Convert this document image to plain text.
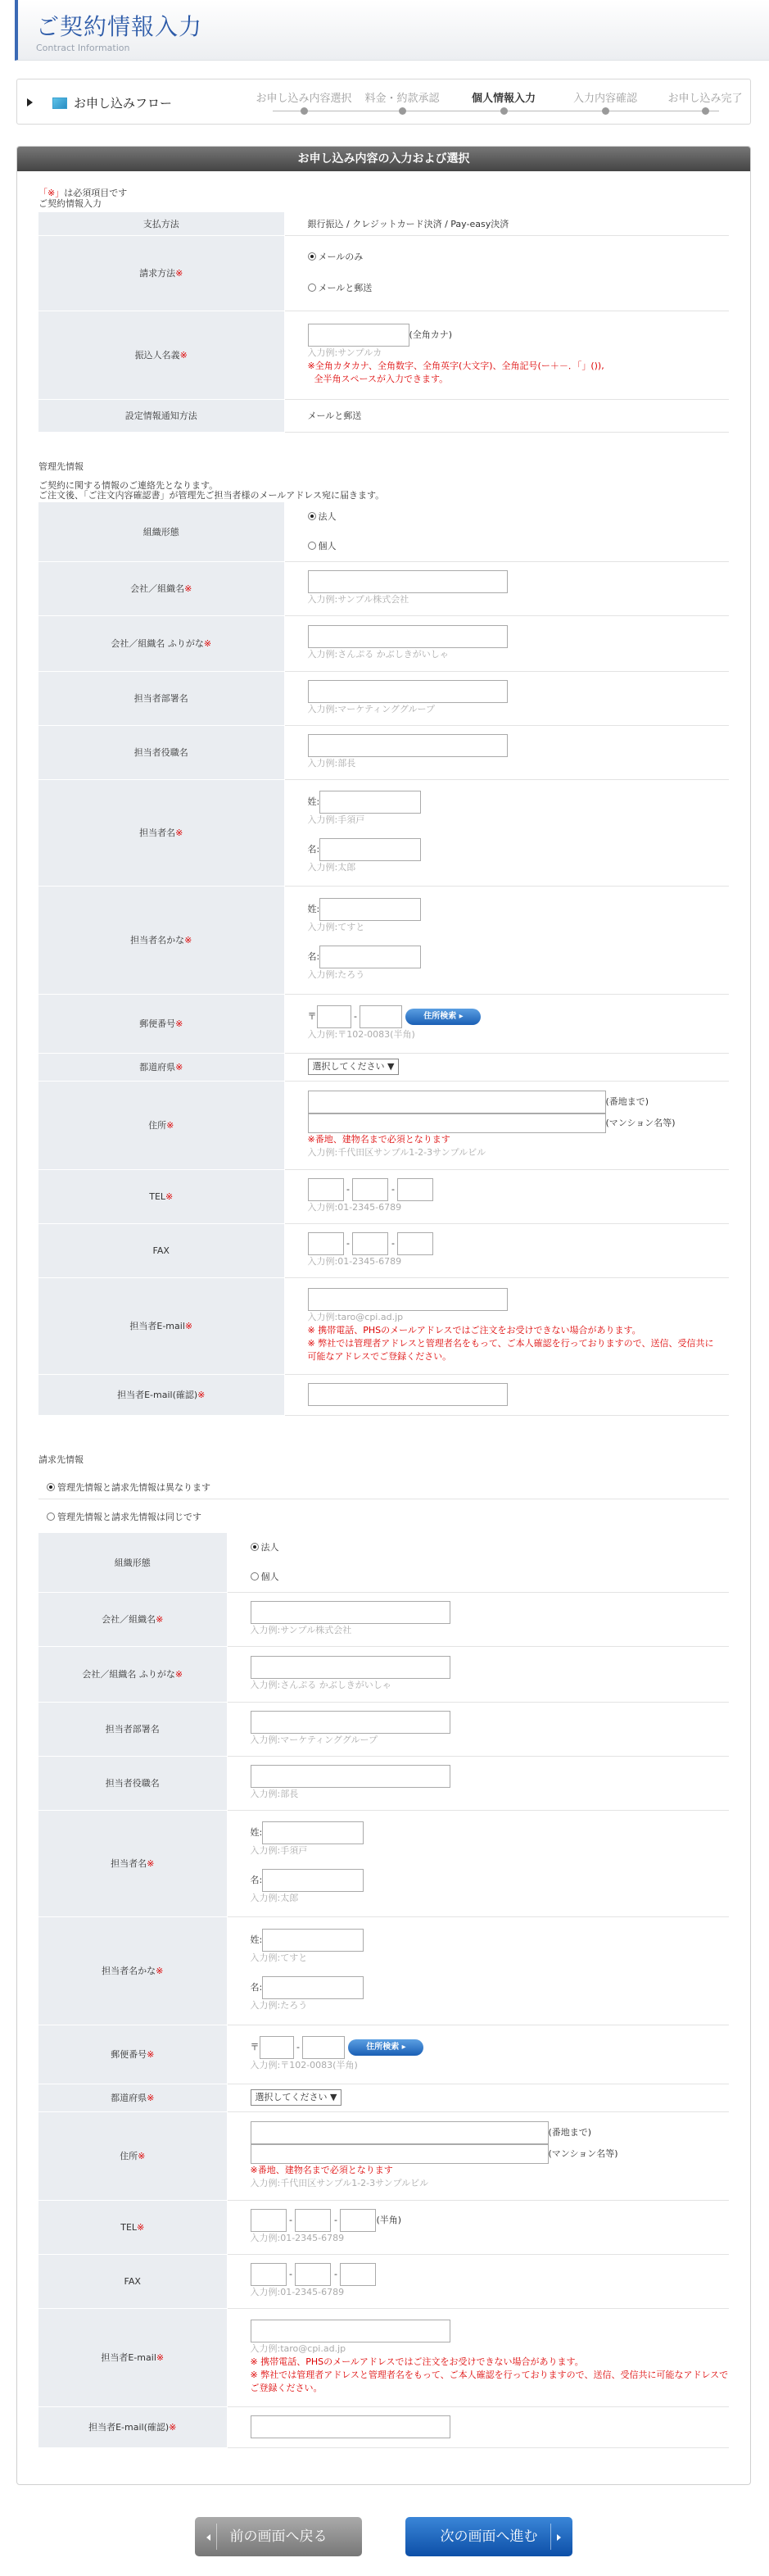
ご契約情報入力
Contract Information
お申し込みフロー	お申し込み内容選択	料金・約款承認	個人情報入力	入力内容確認	お申し込み完了
お申し込み内容の入力および選択
「※」は必須項目です
ご契約情報入力
支払方法	銀行振込 / クレジットカード決済 / Pay-easy決済
請求方法※	メールのみ
メールと郵送

振込人名義※	(全角カナ)
入力例:サンプルカ
※全角カタカナ、全角数字、全角英字(大文字)、全角記号(ー＋－．「」()),
全半角スペースが入力できます。

設定情報通知方法	メールと郵送
管理先情報
ご契約に関する情報のご連絡先となります。
ご注文後、「ご注文内容確認書」が管理先ご担当者様のメールアドレス宛に届きます。
組織形態	法人
個人

会社／組織名※	入力例:サンプル株式会社

会社／組織名 ふりがな※	入力例:さんぷる かぶしきがいしゃ

担当者部署名	入力例:マーケティンググループ

担当者役職名	入力例:部長

担当者名※	姓:
入力例:手須戸
名:
入力例:太郎

担当者名かな※	姓:
入力例:てすと
名:
入力例:たろう

郵便番号※	〒 - 住所検索 ▸
入力例:〒102-0083(半角)

都道府県※	選択してください ▼
住所※	(番地まで)
(マンション名等)
※番地、建物名まで必須となります
入力例:千代田区サンプル1-2-3サンプルビル

TEL※	- -
入力例:01-2345-6789

FAX	- -
入力例:01-2345-6789

担当者E-mail※	入力例:taro@cpi.ad.jp
※ 携帯電話、PHSのメールアドレスではご注文をお受けできない場合があります。
※ 弊社では管理者アドレスと管理者名をもって、ご本人確認を行っておりますので、送信、受信共に
可能なアドレスでご登録ください。

担当者E-mail(確認)※	
請求先情報
管理先情報と請求先情報は異なります
管理先情報と請求先情報は同じです
組織形態	法人
個人

会社／組織名※	入力例:サンプル株式会社

会社／組織名 ふりがな※	入力例:さんぷる かぶしきがいしゃ

担当者部署名	入力例:マーケティンググループ

担当者役職名	入力例:部長

担当者名※	姓:
入力例:手須戸
名:
入力例:太郎

担当者名かな※	姓:
入力例:てすと
名:
入力例:たろう

郵便番号※	〒 - 住所検索 ▸
入力例:〒102-0083(半角)

都道府県※	選択してください ▼
住所※	(番地まで)
(マンション名等)
※番地、建物名まで必須となります
入力例:千代田区サンプル1-2-3サンプルビル

TEL※	- - (半角)
入力例:01-2345-6789

FAX	- -
入力例:01-2345-6789

担当者E-mail※	入力例:taro@cpi.ad.jp
※ 携帯電話、PHSのメールアドレスではご注文をお受けできない場合があります。
※ 弊社では管理者アドレスと管理者名をもって、ご本人確認を行っておりますので、送信、受信共に可能なアドレスで
ご登録ください。

担当者E-mail(確認)※	
前の画面へ戻る	次の画面へ進む
